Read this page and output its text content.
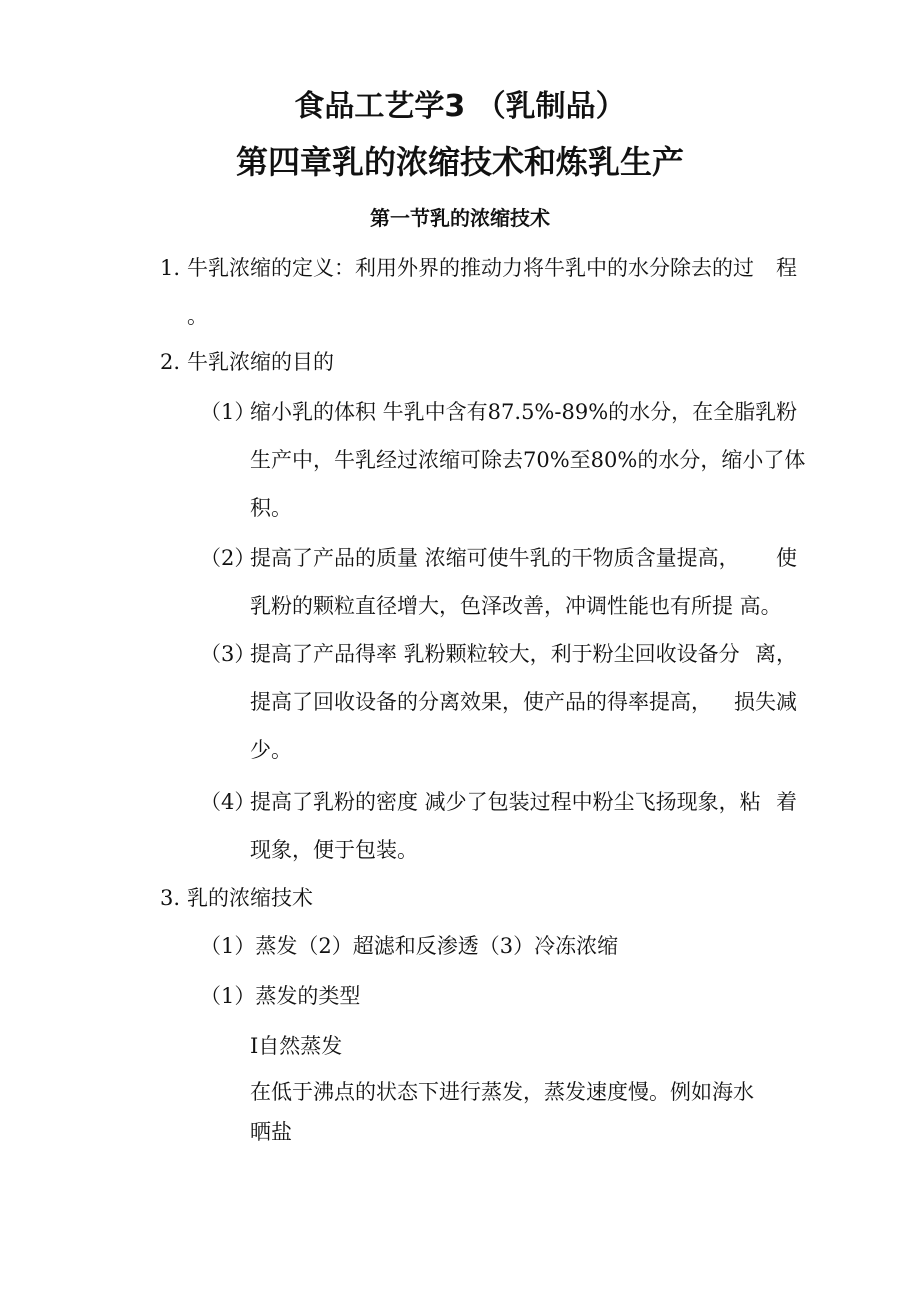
食品工艺学3 （乳制品）
第四章乳的浓缩技术和炼乳生产
第一节乳的浓缩技术
1. 牛乳浓缩的定义：利用外界的推动力将牛乳中的水分除去的过 程
。
2. 牛乳浓缩的目的
（1）
缩小乳的体积 牛乳中含有87.5%-89%的水分，在全脂乳 粉
生产中，牛乳经过浓缩可除去70%至80%的水分，缩小 了体
积。
（2）
提高了产品的质量 浓缩可使牛乳的干物质含量提高， 使
乳粉的颗粒直径增大，色泽改善，冲调性能也有所提 高。
（3）
提高了产品得率 乳粉颗粒较大，利于粉尘回收设备分 离，
提高了回收设备的分离效果，使产品的得率提高， 损失减
少。
（4）
提高了乳粉的密度 减少了包装过程中粉尘飞扬现象，粘 着
现象，便于包装。
3. 乳的浓缩技术
（1）蒸发（2）超滤和反渗透（3）冷冻浓缩
（1）蒸发的类型
I自然蒸发
在低于沸点的状态下进行蒸发，蒸发速度慢。例如海水
晒盐
